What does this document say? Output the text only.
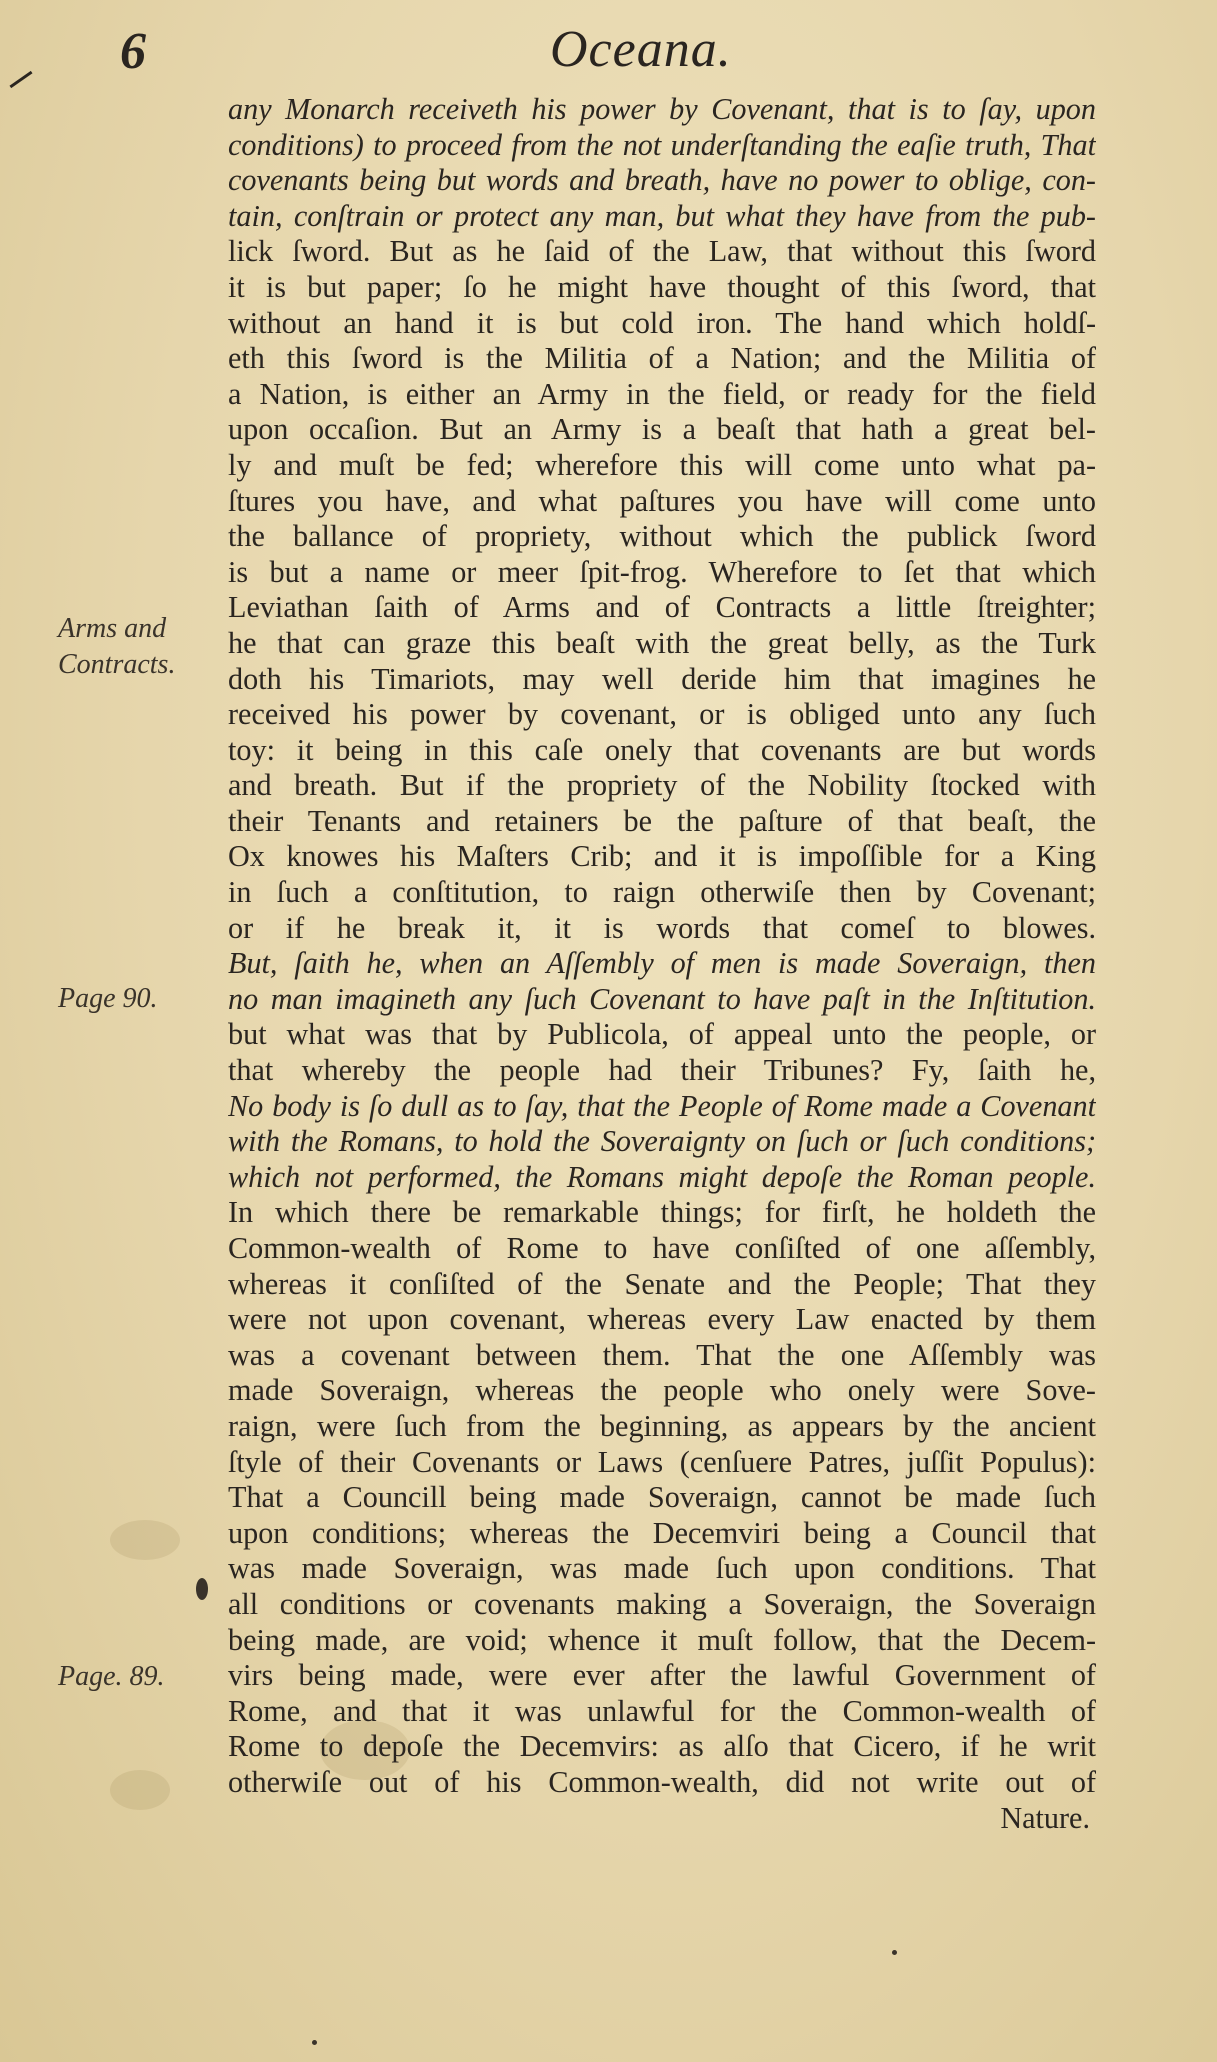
6	Oceana.
Arms and
Contracts.
Page 90.
Page. 89.
any Monarch receiveth his power by Covenant, that is to ſay, upon
conditions) to proceed from the not underſtanding the eaſie truth, That
covenants being but words and breath, have no power to oblige, con-
tain, conſtrain or protect any man, but what they have from the pub-
lick ſword. But as he ſaid of the Law, that without this ſword
it is but paper; ſo he might have thought of this ſword, that
without an hand it is but cold iron. The hand which holdſ-
eth this ſword is the Militia of a Nation; and the Militia of
a Nation, is either an Army in the field, or ready for the field
upon occaſion. But an Army is a beaſt that hath a great bel-
ly and muſt be fed; wherefore this will come unto what pa-
ſtures you have, and what paſtures you have will come unto
the ballance of propriety, without which the publick ſword
is but a name or meer ſpit-frog. Wherefore to ſet that which
Leviathan ſaith of Arms and of Contracts a little ſtreighter;
he that can graze this beaſt with the great belly, as the Turk
doth his Timariots, may well deride him that imagines he
received his power by covenant, or is obliged unto any ſuch
toy: it being in this caſe onely that covenants are but words
and breath. But if the propriety of the Nobility ſtocked with
their Tenants and retainers be the paſture of that beaſt, the
Ox knowes his Maſters Crib; and it is impoſſible for a King
in ſuch a conſtitution, to raign otherwiſe then by Covenant;
or if he break it, it is words that comeſ to blowes.
But, ſaith he, when an Aſſembly of men is made Soveraign, then
no man imagineth any ſuch Covenant to have paſt in the Inſtitution.
but what was that by Publicola, of appeal unto the people, or
that whereby the people had their Tribunes? Fy, ſaith he,
No body is ſo dull as to ſay, that the People of Rome made a Covenant
with the Romans, to hold the Soveraignty on ſuch or ſuch conditions;
which not performed, the Romans might depoſe the Roman people.
In which there be remarkable things; for firſt, he holdeth the
Common-wealth of Rome to have conſiſted of one aſſembly,
whereas it conſiſted of the Senate and the People; That they
were not upon covenant, whereas every Law enacted by them
was a covenant between them. That the one Aſſembly was
made Soveraign, whereas the people who onely were Sove-
raign, were ſuch from the beginning, as appears by the ancient
ſtyle of their Covenants or Laws (cenſuere Patres, juſſit Populus):
That a Councill being made Soveraign, cannot be made ſuch
upon conditions; whereas the Decemviri being a Council that
was made Soveraign, was made ſuch upon conditions. That
all conditions or covenants making a Soveraign, the Soveraign
being made, are void; whence it muſt follow, that the Decem-
virs being made, were ever after the lawful Government of
Rome, and that it was unlawful for the Common-wealth of
Rome to depoſe the Decemvirs: as alſo that Cicero, if he writ
otherwiſe out of his Common-wealth, did not write out of
Nature.
